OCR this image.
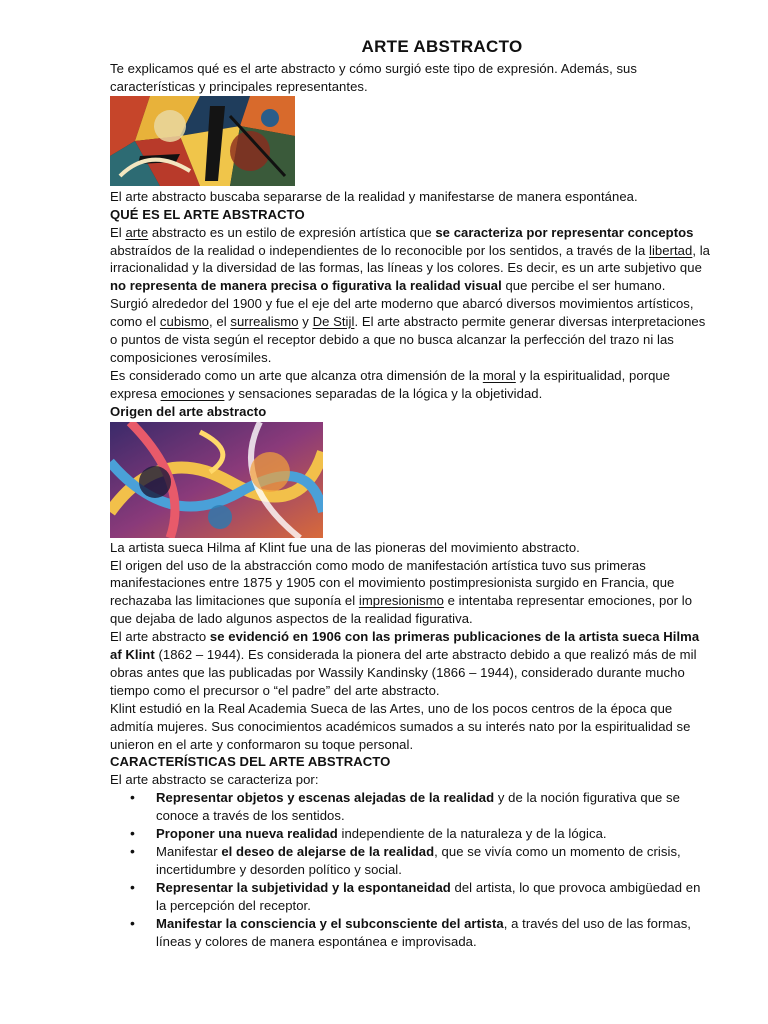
ARTE ABSTRACTO

Te explicamos qué es el arte abstracto y cómo surgió este tipo de expresión. Además, sus características y principales representantes.

El arte abstracto buscaba separarse de la realidad y manifestarse de manera espontánea.

QUÉ ES EL ARTE ABSTRACTO

El arte abstracto es un estilo de expresión artística que se caracteriza por representar conceptos abstraídos de la realidad o independientes de lo reconocible por los sentidos, a través de la libertad, la irracionalidad y la diversidad de las formas, las líneas y los colores. Es decir, es un arte subjetivo que no representa de manera precisa o figurativa la realidad visual que percibe el ser humano.

Surgió alrededor del 1900 y fue el eje del arte moderno que abarcó diversos movimientos artísticos, como el cubismo, el surrealismo y De Stijl. El arte abstracto permite generar diversas interpretaciones o puntos de vista según el receptor debido a que no busca alcanzar la perfección del trazo ni las composiciones verosímiles.

Es considerado como un arte que alcanza otra dimensión de la moral y la espiritualidad, porque expresa emociones y sensaciones separadas de la lógica y la objetividad.

Origen del arte abstracto

La artista sueca Hilma af Klint fue una de las pioneras del movimiento abstracto.

El origen del uso de la abstracción como modo de manifestación artística tuvo sus primeras manifestaciones entre 1875 y 1905 con el movimiento postimpresionista surgido en Francia, que rechazaba las limitaciones que suponía el impresionismo e intentaba representar emociones, por lo que dejaba de lado algunos aspectos de la realidad figurativa.

El arte abstracto se evidenció en 1906 con las primeras publicaciones de la artista sueca Hilma af Klint (1862 – 1944). Es considerada la pionera del arte abstracto debido a que realizó más de mil obras antes que las publicadas por Wassily Kandinsky (1866 – 1944), considerado durante mucho tiempo como el precursor o “el padre” del arte abstracto.

Klint estudió en la Real Academia Sueca de las Artes, uno de los pocos centros de la época que admitía mujeres. Sus conocimientos académicos sumados a su interés nato por la espiritualidad se unieron en el arte y conformaron su toque personal.

CARACTERÍSTICAS DEL ARTE ABSTRACTO

El arte abstracto se caracteriza por:

• Representar objetos y escenas alejadas de la realidad y de la noción figurativa que se conoce a través de los sentidos.
• Proponer una nueva realidad independiente de la naturaleza y de la lógica.
• Manifestar el deseo de alejarse de la realidad, que se vivía como un momento de crisis, incertidumbre y desorden político y social.
• Representar la subjetividad y la espontaneidad del artista, lo que provoca ambigüedad en la percepción del receptor.
• Manifestar la consciencia y el subconsciente del artista, a través del uso de las formas, líneas y colores de manera espontánea e improvisada.
